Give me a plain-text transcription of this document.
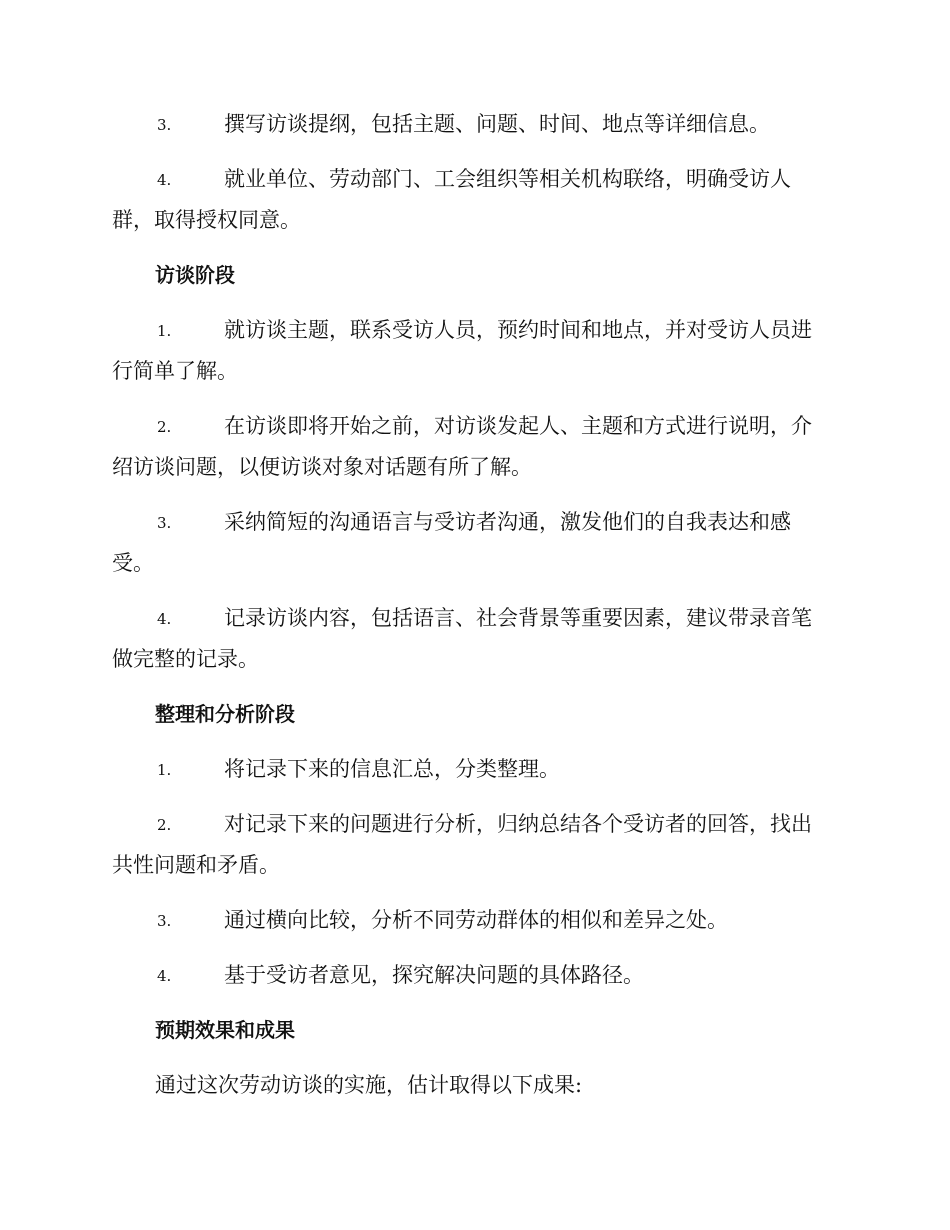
3.	撰写访谈提纲，包括主题、问题、时间、地点等详细信息。

4.	就业单位、劳动部门、工会组织等相关机构联络，明确受访人群，取得授权同意。

访谈阶段

1.	就访谈主题，联系受访人员，预约时间和地点，并对受访人员进行简单了解。

2.	在访谈即将开始之前，对访谈发起人、主题和方式进行说明，介绍访谈问题，以便访谈对象对话题有所了解。

3.	采纳简短的沟通语言与受访者沟通，激发他们的自我表达和感受。

4.	记录访谈内容，包括语言、社会背景等重要因素，建议带录音笔做完整的记录。

整理和分析阶段

1.	将记录下来的信息汇总，分类整理。

2.	对记录下来的问题进行分析，归纳总结各个受访者的回答，找出共性问题和矛盾。

3.	通过横向比较，分析不同劳动群体的相似和差异之处。

4.	基于受访者意见，探究解决问题的具体路径。

预期效果和成果

通过这次劳动访谈的实施，估计取得以下成果:
